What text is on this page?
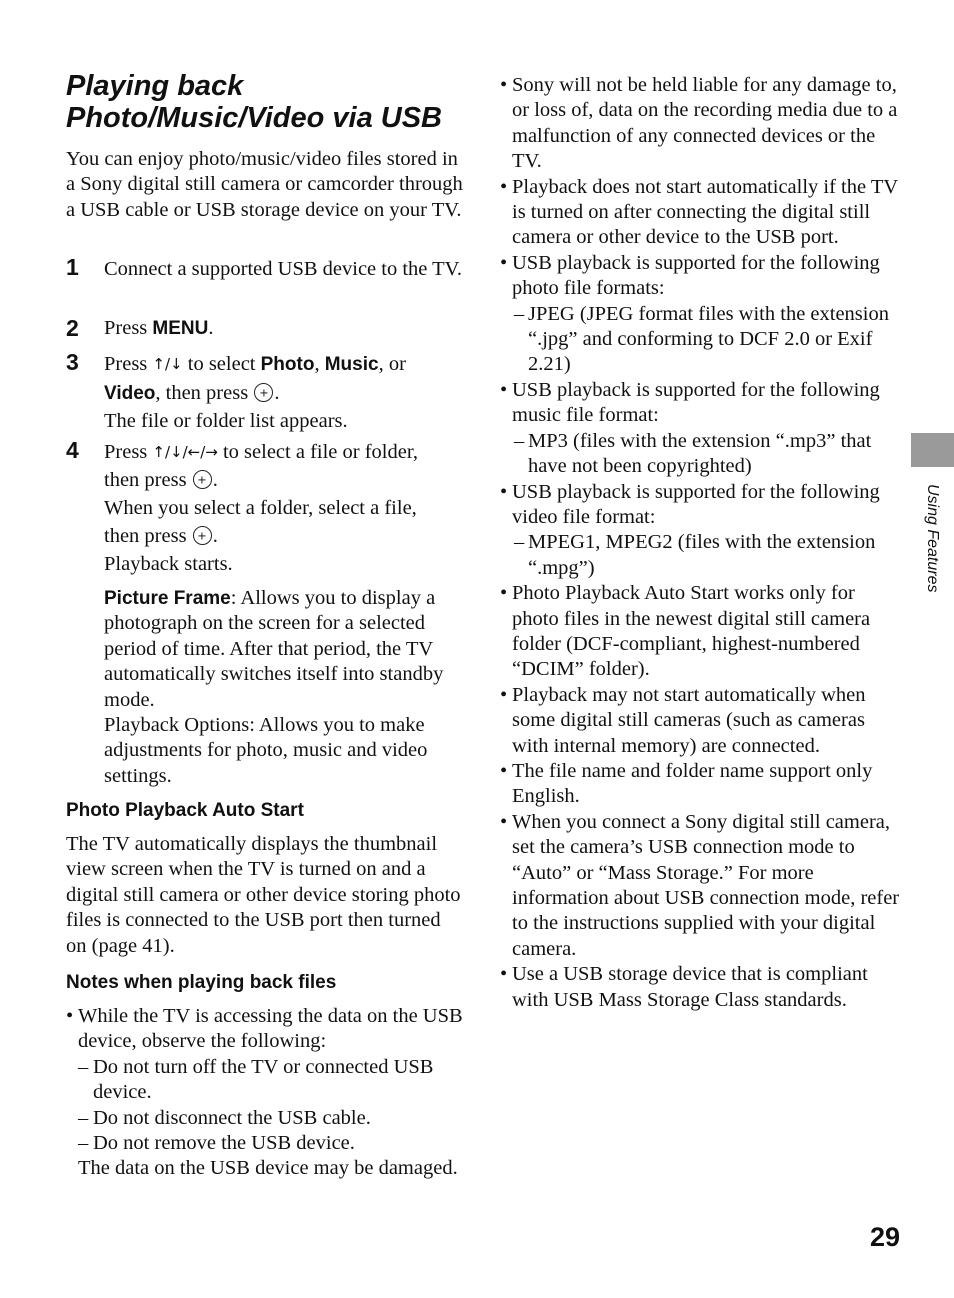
Playing back
Photo/Music/Video via USB
You can enjoy photo/music/video files stored in a Sony digital still camera or camcorder through a USB cable or USB storage device on your TV.
1 Connect a supported USB device to the TV.
2 Press MENU.
3 Press ↑/↓ to select Photo, Music, or
Video, then press .
The file or folder list appears.
4 Press ↑/↓/←/→ to select a file or folder,
then press .
When you select a folder, select a file,
then press .
Playback starts.
Picture Frame: Allows you to display a photograph on the screen for a selected period of time. After that period, the TV automatically switches itself into standby mode.
Playback Options: Allows you to make adjustments for photo, music and video settings.
Photo Playback Auto Start
The TV automatically displays the thumbnail view screen when the TV is turned on and a digital still camera or other device storing photo files is connected to the USB port then turned on (page 41).
Notes when playing back files
• While the TV is accessing the data on the USB device, observe the following:
– Do not turn off the TV or connected USB device.
– Do not disconnect the USB cable.
– Do not remove the USB device.
The data on the USB device may be damaged.
• Sony will not be held liable for any damage to, or loss of, data on the recording media due to a malfunction of any connected devices or the TV.
• Playback does not start automatically if the TV is turned on after connecting the digital still camera or other device to the USB port.
• USB playback is supported for the following photo file formats:
– JPEG (JPEG format files with the extension “.jpg” and conforming to DCF 2.0 or Exif 2.21)
• USB playback is supported for the following music file format:
– MP3 (files with the extension “.mp3” that have not been copyrighted)
• USB playback is supported for the following video file format:
– MPEG1, MPEG2 (files with the extension “.mpg”)
• Photo Playback Auto Start works only for photo files in the newest digital still camera folder (DCF-compliant, highest-numbered “DCIM” folder).
• Playback may not start automatically when some digital still cameras (such as cameras with internal memory) are connected.
• The file name and folder name support only English.
• When you connect a Sony digital still camera, set the camera’s USB connection mode to “Auto” or “Mass Storage.” For more information about USB connection mode, refer to the instructions supplied with your digital camera.
• Use a USB storage device that is compliant with USB Mass Storage Class standards.
Using Features
29
